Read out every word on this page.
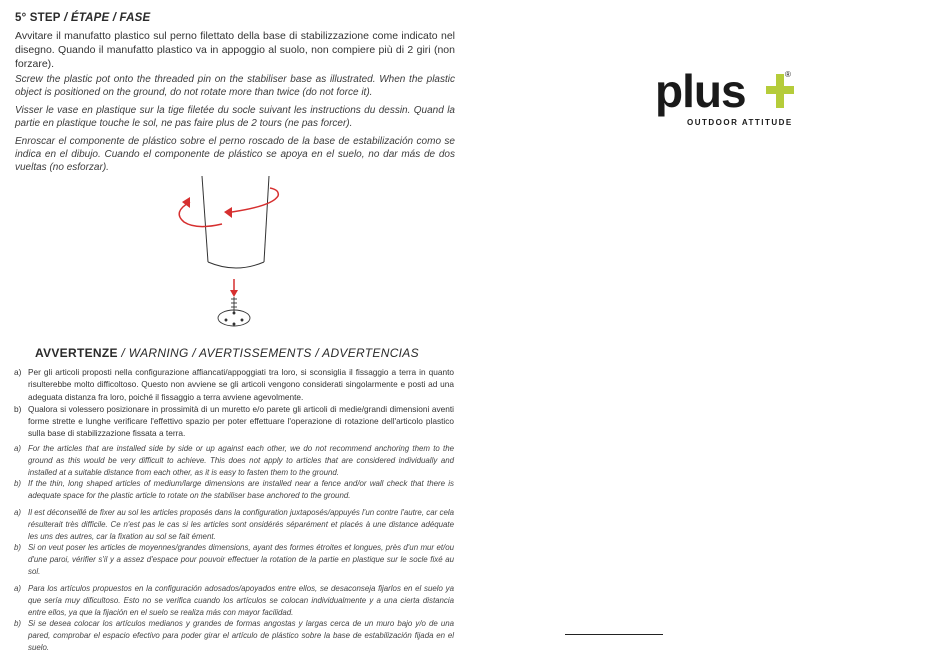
5° STEP / ÉTAPE / FASE
Avvitare il manufatto plastico sul perno filettato della base di stabilizzazione come indicato nel disegno. Quando il manufatto plastico va in appoggio al suolo, non compiere più di 2 giri (non forzare).
Screw the plastic pot onto the threaded pin on the stabiliser base as illustrated. When the plastic object is positioned on the ground, do not rotate more than twice (do not force it).
Visser le vase en plastique sur la tige filetée du socle suivant les instructions du dessin. Quand la partie en plastique touche le sol, ne pas faire plus de 2 tours (ne pas forcer).
Enroscar el componente de plástico sobre el perno roscado de la base de estabilización como se indica en el dibujo. Cuando el componente de plástico se apoya en el suelo, no dar más de dos vueltas (no esforzar).
AVVERTENZE / WARNING / AVERTISSEMENTS / ADVERTENCIAS
a) Per gli articoli proposti nella configurazione affiancati/appoggiati tra loro, si sconsiglia il fissaggio a terra in quanto risulterebbe molto difficoltoso. Questo non avviene se gli articoli vengono considerati singolarmente e posti ad una adeguata distanza fra loro, poiché il fissaggio a terra avviene agevolmente.
b) Qualora si volessero posizionare in prossimità di un muretto e/o parete gli articoli di medie/grandi dimensioni aventi forme strette e lunghe verificare l'effettivo spazio per poter effettuare l'operazione di rotazione dell'articolo plastico sulla base di stabilizzazione fissata a terra.
a) For the articles that are installed side by side or up against each other, we do not recommend anchoring them to the ground as this would be very difficult to achieve. This does not apply to articles that are considered individually and installed at a suitable distance from each other, as it is easy to fasten them to the ground.
b) If the thin, long shaped articles of medium/large dimensions are installed near a fence and/or wall check that there is adequate space for the plastic article to rotate on the stabiliser base anchored to the ground.
a) Il est déconseillé de fixer au sol les articles proposés dans la configuration juxtaposés/appuyés l'un contre l'autre, car cela résulterait très difficile. Ce n'est pas le cas si les articles sont onsidérés séparément et placés à une distance adéquate les uns des autres, car la fixation au sol se fait ément.
b) Si on veut poser les articles de moyennes/grandes dimensions, ayant des formes étroites et longues, près d'un mur et/ou d'une paroi, vérifier s'il y a assez d'espace pour pouvoir effectuer la rotation de la partie en plastique sur le socle fixé au sol.
a) Para los artículos propuestos en la configuración adosados/apoyados entre ellos, se desaconseja fijarlos en el suelo ya que sería muy dificultoso. Esto no se verifica cuando los artículos se colocan individualmente y a una cierta distancia entre ellos, ya que la fijación en el suelo se realiza más con mayor facilidad.
b) Si se desea colocar los artículos medianos y grandes de formas angostas y largas cerca de un muro bajo y/o de una pared, comprobar el espacio efectivo para poder girar el artículo de plástico sobre la base de estabilización fijada en el suelo.
plus	®
OUTDOOR ATTITUDE
